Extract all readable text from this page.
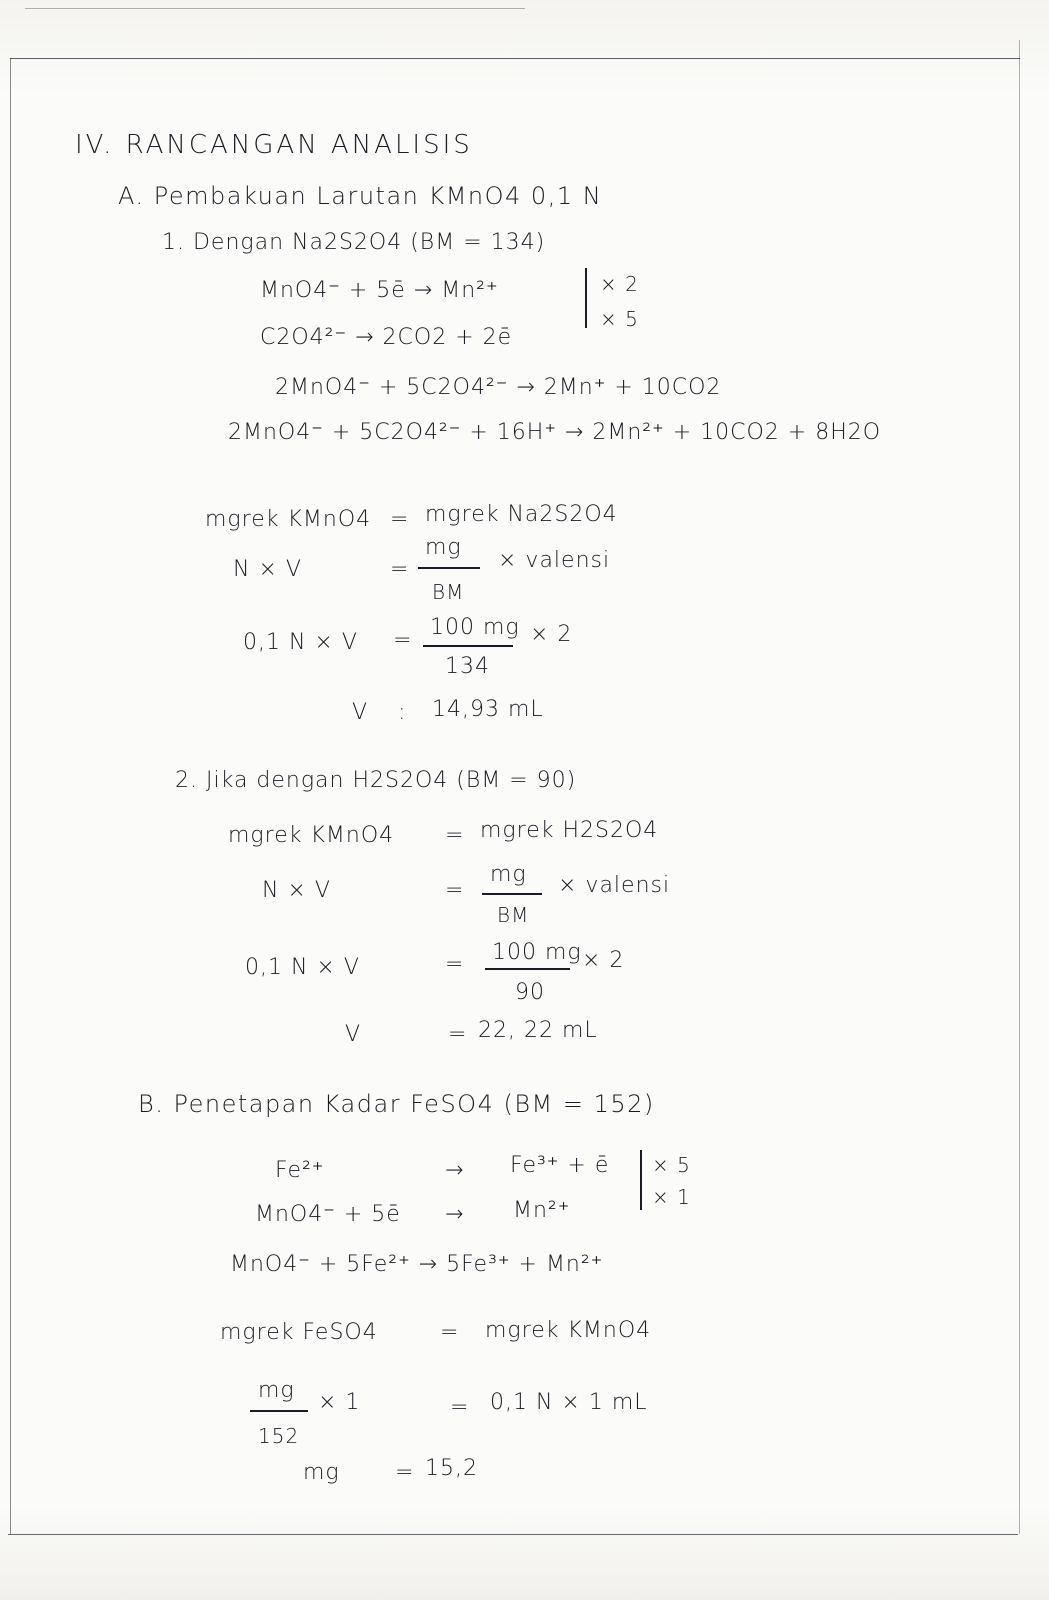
IV. RANCANGAN ANALISIS
A. Pembakuan Larutan KMnO4 0,1 N
1. Dengan Na2S2O4 (BM = 134)
MnO4⁻ + 5ē → Mn²⁺
C2O4²⁻ → 2CO2 + 2ē
× 2
× 5
2MnO4⁻ + 5C2O4²⁻ → 2Mn⁺ + 10CO2
2MnO4⁻ + 5C2O4²⁻ + 16H⁺ → 2Mn²⁺ + 10CO2 + 8H2O
mgrek KMnO4 = mgrek Na2S2O4
N × V	=
mg
BM
× valensi
0,1 N × V =
100 mg
134
× 2
V : 14,93 mL
2. Jika dengan H2S2O4 (BM = 90)
mgrek KMnO4 = mgrek H2S2O4
N × V	=
mg
BM
× valensi
0,1 N × V	= 100 mg
90
× 2
V	= 22, 22 mL
B. Penetapan Kadar FeSO4 (BM = 152)
Fe²⁺	→ Fe³⁺ + ē
MnO4⁻ + 5ē → Mn²⁺
× 5
× 1
MnO4⁻ + 5Fe²⁺ → 5Fe³⁺ + Mn²⁺
mgrek FeSO4	= mgrek KMnO4
mg
152
× 1	= 0,1 N × 1 mL
mg	= 15,2
